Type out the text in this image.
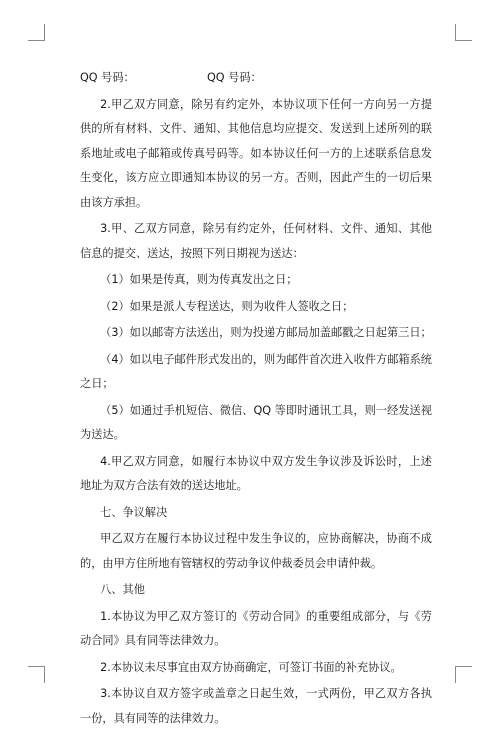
QQ 号码：	QQ 号码：

2.甲乙双方同意，除另有约定外，本协议项下任何一方向另一方提供的所有材料、文件、通知、其他信息均应提交、发送到上述所列的联系地址或电子邮箱或传真号码等。如本协议任何一方的上述联系信息发生变化，该方应立即通知本协议的另一方。否则，因此产生的一切后果由该方承担。

3.甲、乙双方同意，除另有约定外，任何材料、文件、通知、其他信息的提交、送达，按照下列日期视为送达：

（1）如果是传真，则为传真发出之日；

（2）如果是派人专程送达，则为收件人签收之日；

（3）如以邮寄方法送出，则为投递方邮局加盖邮戳之日起第三日；

（4）如以电子邮件形式发出的，则为邮件首次进入收件方邮箱系统之日；

（5）如通过手机短信、微信、QQ 等即时通讯工具，则一经发送视为送达。

4.甲乙双方同意，如履行本协议中双方发生争议涉及诉讼时，上述地址为双方合法有效的送达地址。

七、争议解决

甲乙双方在履行本协议过程中发生争议的，应协商解决，协商不成的，由甲方住所地有管辖权的劳动争议仲裁委员会申请仲裁。

八、其他

1.本协议为甲乙双方签订的《劳动合同》的重要组成部分，与《劳动合同》具有同等法律效力。

2.本协议未尽事宜由双方协商确定，可签订书面的补充协议。

3.本协议自双方签字或盖章之日起生效，一式两份，甲乙双方各执一份，具有同等的法律效力。
